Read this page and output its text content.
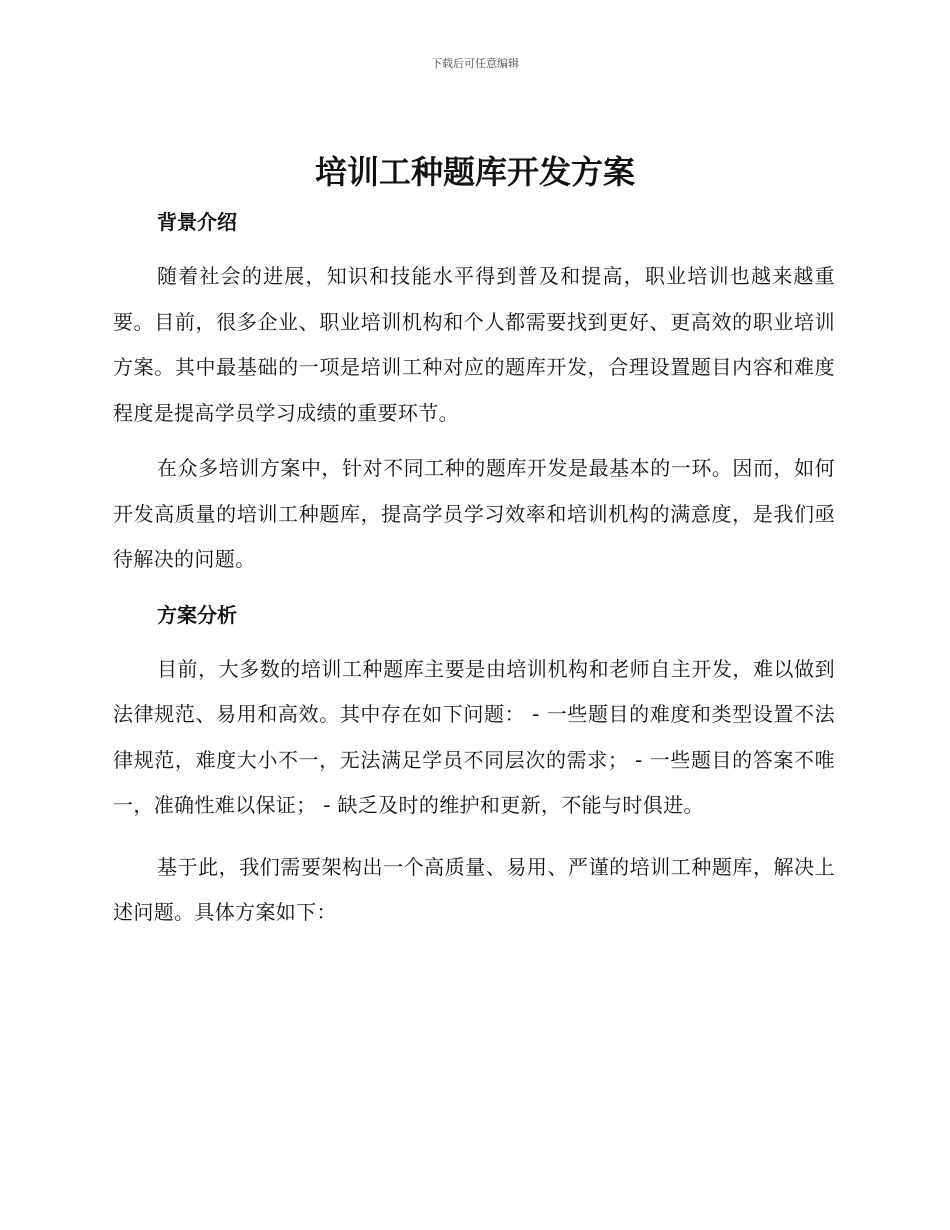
下载后可任意编辑
培训工种题库开发方案
背景介绍

随着社会的进展，知识和技能水平得到普及和提高，职业培训也越来越重要。目前，很多企业、职业培训机构和个人都需要找到更好、更高效的职业培训方案。其中最基础的一项是培训工种对应的题库开发，合理设置题目内容和难度程度是提高学员学习成绩的重要环节。

在众多培训方案中，针对不同工种的题库开发是最基本的一环。因而，如何开发高质量的培训工种题库，提高学员学习效率和培训机构的满意度，是我们亟待解决的问题。

方案分析

目前，大多数的培训工种题库主要是由培训机构和老师自主开发，难以做到法律规范、易用和高效。其中存在如下问题： - 一些题目的难度和类型设置不法律规范，难度大小不一，无法满足学员不同层次的需求； - 一些题目的答案不唯一，准确性难以保证； - 缺乏及时的维护和更新，不能与时俱进。

基于此，我们需要架构出一个高质量、易用、严谨的培训工种题库，解决上述问题。具体方案如下：
